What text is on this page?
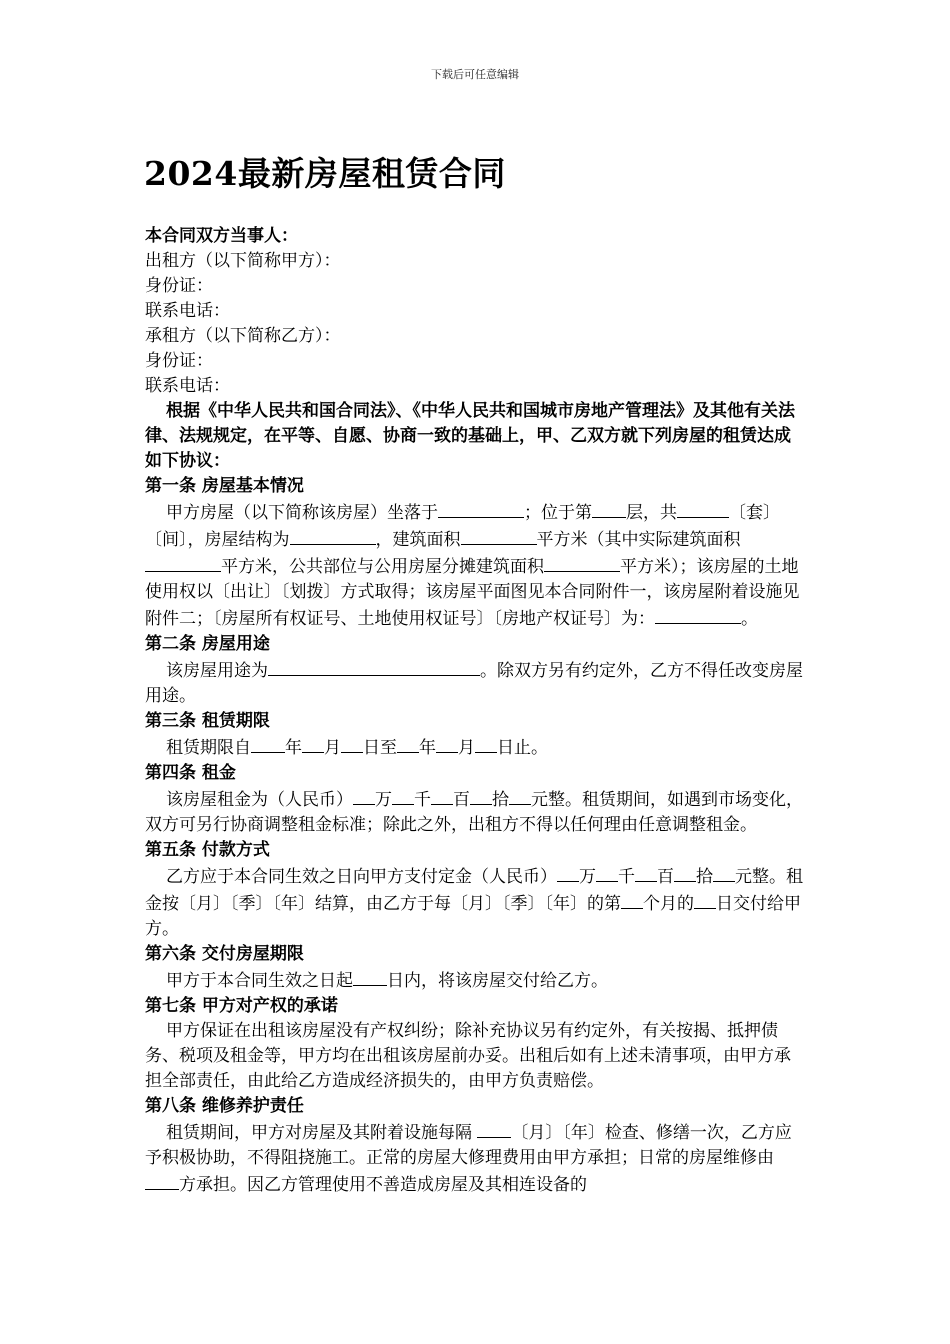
下载后可任意编辑
2024最新房屋租赁合同

本合同双方当事人：

出租方（以下简称甲方）：

身份证：

联系电话：

承租方（以下简称乙方）：

身份证：

联系电话：

根据《中华人民共和国合同法》、《中华人民共和国城市房地产管理法》及其他有关法律、法规规定，在平等、自愿、协商一致的基础上，甲、乙双方就下列房屋的租赁达成如下协议：

第一条 房屋基本情况

甲方房屋（以下简称该房屋）坐落于	；位于第 层，共	〔套〕〔间〕，房屋结构为	，建筑面积	平方米（其中实际建筑面积平方米，公共部位与公用房屋分摊建筑面积	平方米）；该房屋的土地使用权以〔出让〕〔划拨〕方式取得；该房屋平面图见本合同附件一，该房屋附着设施见附件二；〔房屋所有权证号、土地使用权证号〕〔房地产权证号〕为：	。

第二条 房屋用途

该房屋用途为	。除双方另有约定外，乙方不得任改变房屋用途。

第三条 租赁期限

租赁期限自 年 月 日至 年 月 日止。

第四条 租金

该房屋租金为（人民币） 万 千 百 拾 元整。租赁期间，如遇到市场变化，双方可另行协商调整租金标准；除此之外，出租方不得以任何理由任意调整租金。

第五条 付款方式

乙方应于本合同生效之日向甲方支付定金（人民币） 万 千 百 拾 元整。租金按〔月〕〔季〕〔年〕结算，由乙方于每〔月〕〔季〕〔年〕的第 个月的 日交付给甲方。

第六条 交付房屋期限

甲方于本合同生效之日起 日内，将该房屋交付给乙方。

第七条 甲方对产权的承诺

甲方保证在出租该房屋没有产权纠纷；除补充协议另有约定外，有关按揭、抵押债务、税项及租金等，甲方均在出租该房屋前办妥。出租后如有上述未清事项，由甲方承担全部责任，由此给乙方造成经济损失的，由甲方负责赔偿。

第八条 维修养护责任

租赁期间，甲方对房屋及其附着设施每隔 〔月〕〔年〕检查、修缮一次，乙方应予积极协助，不得阻挠施工。正常的房屋大修理费用由甲方承担；日常的房屋维修由方承担。因乙方管理使用不善造成房屋及其相连设备的
